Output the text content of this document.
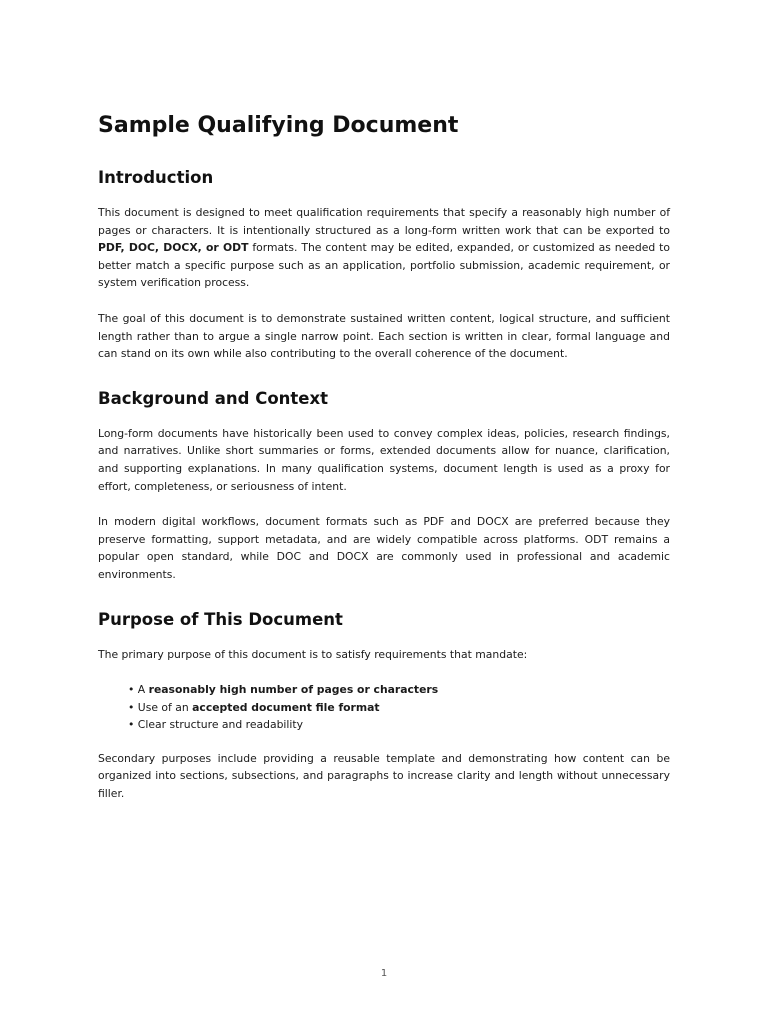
Sample Qualifying Document
Introduction

This document is designed to meet qualification requirements that specify a reasonably high number of pages or characters. It is intentionally structured as a long-form written work that can be exported to PDF, DOC, DOCX, or ODT formats. The content may be edited, expanded, or customized as needed to better match a specific purpose such as an application, portfolio submission, academic requirement, or system verification process.

The goal of this document is to demonstrate sustained written content, logical structure, and sufficient length rather than to argue a single narrow point. Each section is written in clear, formal language and can stand on its own while also contributing to the overall coherence of the document.

Background and Context

Long-form documents have historically been used to convey complex ideas, policies, research findings, and narratives. Unlike short summaries or forms, extended documents allow for nuance, clarification, and supporting explanations. In many qualification systems, document length is used as a proxy for effort, completeness, or seriousness of intent.

In modern digital workflows, document formats such as PDF and DOCX are preferred because they preserve formatting, support metadata, and are widely compatible across platforms. ODT remains a popular open standard, while DOC and DOCX are commonly used in professional and academic environments.

Purpose of This Document

The primary purpose of this document is to satisfy requirements that mandate:

• A reasonably high number of pages or characters
• Use of an accepted document file format
• Clear structure and readability

Secondary purposes include providing a reusable template and demonstrating how content can be organized into sections, subsections, and paragraphs to increase clarity and length without unnecessary filler.

1
